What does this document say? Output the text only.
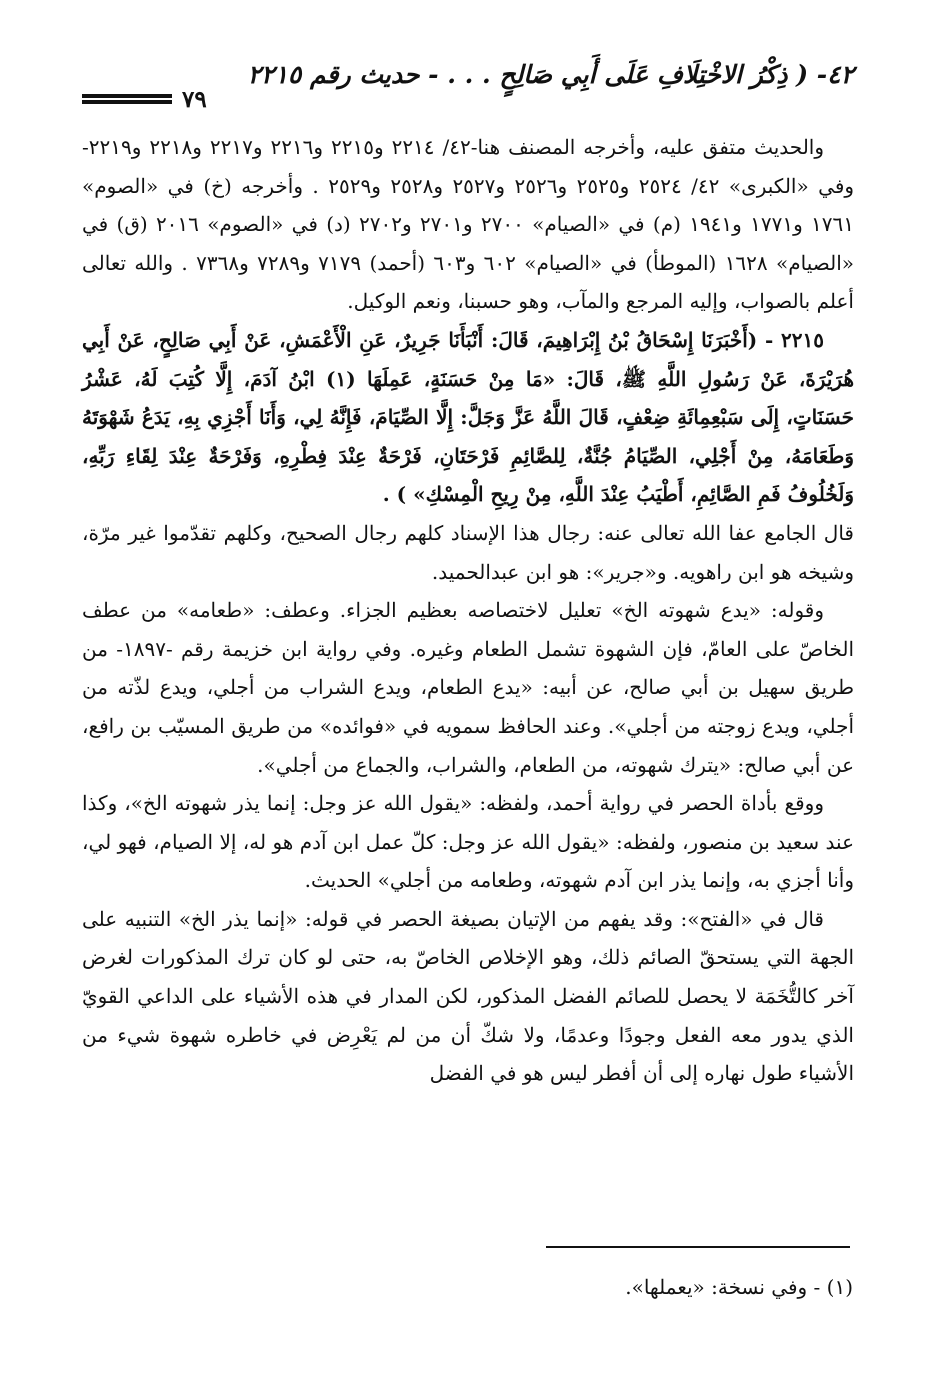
٤٢- ( ذِكْرُ الاخْتِلَافِ عَلَى أَبِي صَالِحٍ . . . - حديث رقم ٢٢١٥
٧٩

والحديث متفق عليه، وأخرجه المصنف هنا-٤٢/ ٢٢١٤ و٢٢١٥ و٢٢١٦ و٢٢١٧ و٢٢١٨ و٢٢١٩- وفي «الكبرى» ٤٢/ ٢٥٢٤ و٢٥٢٥ و٢٥٢٦ و٢٥٢٧ و٢٥٢٨ و٢٥٢٩ . وأخرجه (خ) في «الصوم» ١٧٦١ و١٧٧١ و١٩٤١ (م) في «الصيام» ٢٧٠٠ و٢٧٠١ و٢٧٠٢ (د) في «الصوم» ٢٠١٦ (ق) في «الصيام» ١٦٢٨ (الموطأ) في «الصيام» ٦٠٢ و٦٠٣ (أحمد) ٧١٧٩ و٧٢٨٩ و٧٣٦٨ . والله تعالى أعلم بالصواب، وإليه المرجع والمآب، وهو حسبنا، ونعم الوكيل.

٢٢١٥ - (أَخْبَرَنَا إِسْحَاقُ بْنُ إِبْرَاهِيمَ، قَالَ: أَنْبَأَنَا جَرِيرٌ، عَنِ الْأَعْمَشِ، عَنْ أَبِي صَالِحٍ، عَنْ أَبِي هُرَيْرَةَ، عَنْ رَسُولِ اللَّهِ ﷺ، قَالَ: «مَا مِنْ حَسَنَةٍ، عَمِلَهَا (١) ابْنُ آدَمَ، إِلَّا كُتِبَ لَهُ، عَشْرُ حَسَنَاتٍ، إِلَى سَبْعِمِائَةِ ضِعْفٍ، قَالَ اللَّهُ عَزَّ وَجَلَّ: إِلَّا الصِّيَامَ، فَإِنَّهُ لِي، وَأَنَا أَجْزِي بِهِ، يَدَعُ شَهْوَتَهُ وَطَعَامَهُ، مِنْ أَجْلِي، الصِّيَامُ جُنَّةٌ، لِلصَّائِمِ فَرْحَتَانِ، فَرْحَةٌ عِنْدَ فِطْرِهِ، وَفَرْحَةٌ عِنْدَ لِقَاءِ رَبِّهِ، وَلَخُلُوفُ فَمِ الصَّائِمِ، أَطْيَبُ عِنْدَ اللَّهِ، مِنْ رِيحِ الْمِسْكِ» ) .

قال الجامع عفا الله تعالى عنه: رجال هذا الإسناد كلهم رجال الصحيح، وكلهم تقدّموا غير مرّة، وشيخه هو ابن راهويه. و«جرير»: هو ابن عبدالحميد.

وقوله: «يدع شهوته الخ» تعليل لاختصاصه بعظيم الجزاء. وعطف: «طعامه» من عطف الخاصّ على العامّ، فإن الشهوة تشمل الطعام وغيره. وفي رواية ابن خزيمة رقم -١٨٩٧- من طريق سهيل بن أبي صالح، عن أبيه: «يدع الطعام، ويدع الشراب من أجلي، ويدع لذّته من أجلي، ويدع زوجته من أجلي». وعند الحافظ سمويه في «فوائده» من طريق المسيّب بن رافع، عن أبي صالح: «يترك شهوته، من الطعام، والشراب، والجماع من أجلي».

ووقع بأداة الحصر في رواية أحمد، ولفظه: «يقول الله عز وجل: إنما يذر شهوته الخ»، وكذا عند سعيد بن منصور، ولفظه: «يقول الله عز وجل: كلّ عمل ابن آدم هو له، إلا الصيام، فهو لي، وأنا أجزي به، وإنما يذر ابن آدم شهوته، وطعامه من أجلي» الحديث.

قال في «الفتح»: وقد يفهم من الإتيان بصيغة الحصر في قوله: «إنما يذر الخ» التنبيه على الجهة التي يستحقّ الصائم ذلك، وهو الإخلاص الخاصّ به، حتى لو كان ترك المذكورات لغرض آخر كالتُّخَمَة لا يحصل للصائم الفضل المذكور، لكن المدار في هذه الأشياء على الداعي القويّ الذي يدور معه الفعل وجودًا وعدمًا، ولا شكّ أن من لم يَعْرِض في خاطره شهوة شيء من الأشياء طول نهاره إلى أن أفطر ليس هو في الفضل

(١) - وفي نسخة: «يعملها».
